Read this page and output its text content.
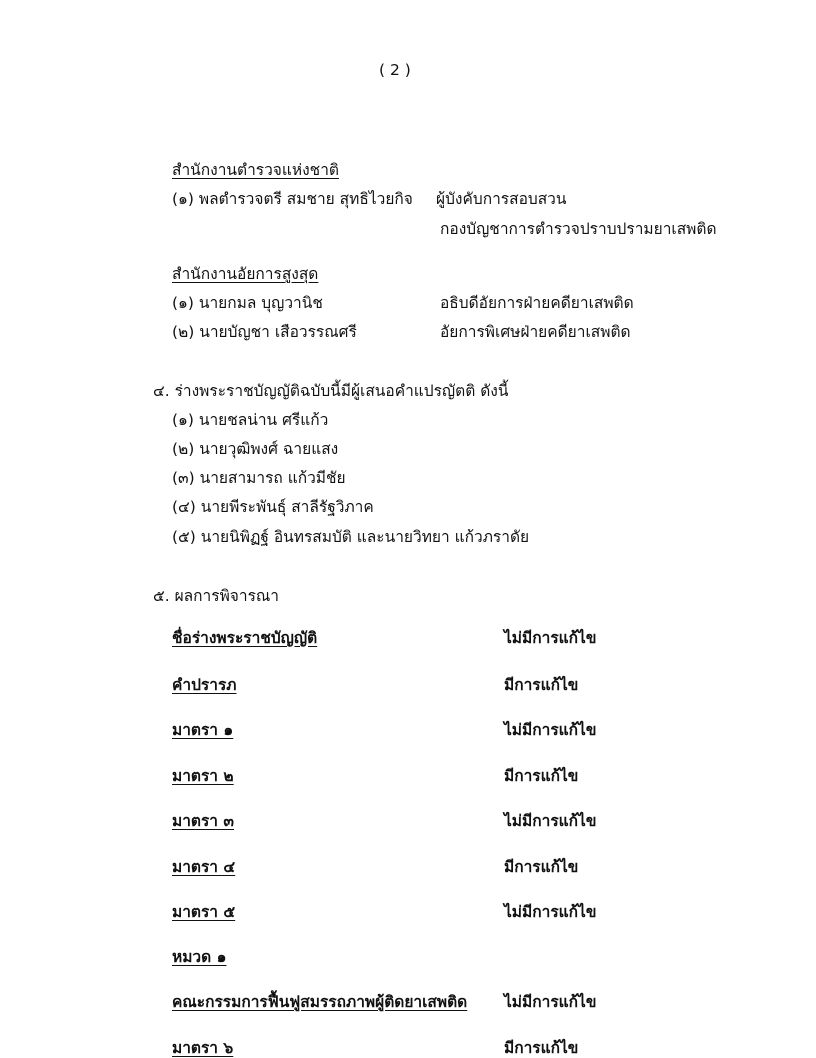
( 2 )
สำนักงานตำรวจแห่งชาติ
(๑) พลตำรวจตรี สมชาย สุทธิไวยกิจ ผู้บังคับการสอบสวน
กองบัญชาการตำรวจปราบปรามยาเสพติด
สำนักงานอัยการสูงสุด
(๑) นายกมล บุญวานิช	อธิบดีอัยการฝ่ายคดียาเสพติด
(๒) นายบัญชา เสือวรรณศรี	อัยการพิเศษฝ่ายคดียาเสพติด
๔. ร่างพระราชบัญญัติฉบับนี้มีผู้เสนอคำแปรญัตติ ดังนี้
(๑) นายชลน่าน ศรีแก้ว
(๒) นายวุฒิพงศ์ ฉายแสง
(๓) นายสามารถ แก้วมีชัย
(๔) นายพีระพันธุ์ สาลีรัฐวิภาค
(๕) นายนิพิฏฐ์ อินทรสมบัติ และนายวิทยา แก้วภราดัย
๕. ผลการพิจารณา
ชื่อร่างพระราชบัญญัติ	ไม่มีการแก้ไข
คำปรารภ	มีการแก้ไข
มาตรา ๑	ไม่มีการแก้ไข
มาตรา ๒	มีการแก้ไข
มาตรา ๓	ไม่มีการแก้ไข
มาตรา ๔	มีการแก้ไข
มาตรา ๕	ไม่มีการแก้ไข
หมวด ๑
คณะกรรมการฟื้นฟูสมรรถภาพผู้ติดยาเสพติด ไม่มีการแก้ไข
มาตรา ๖	มีการแก้ไข
